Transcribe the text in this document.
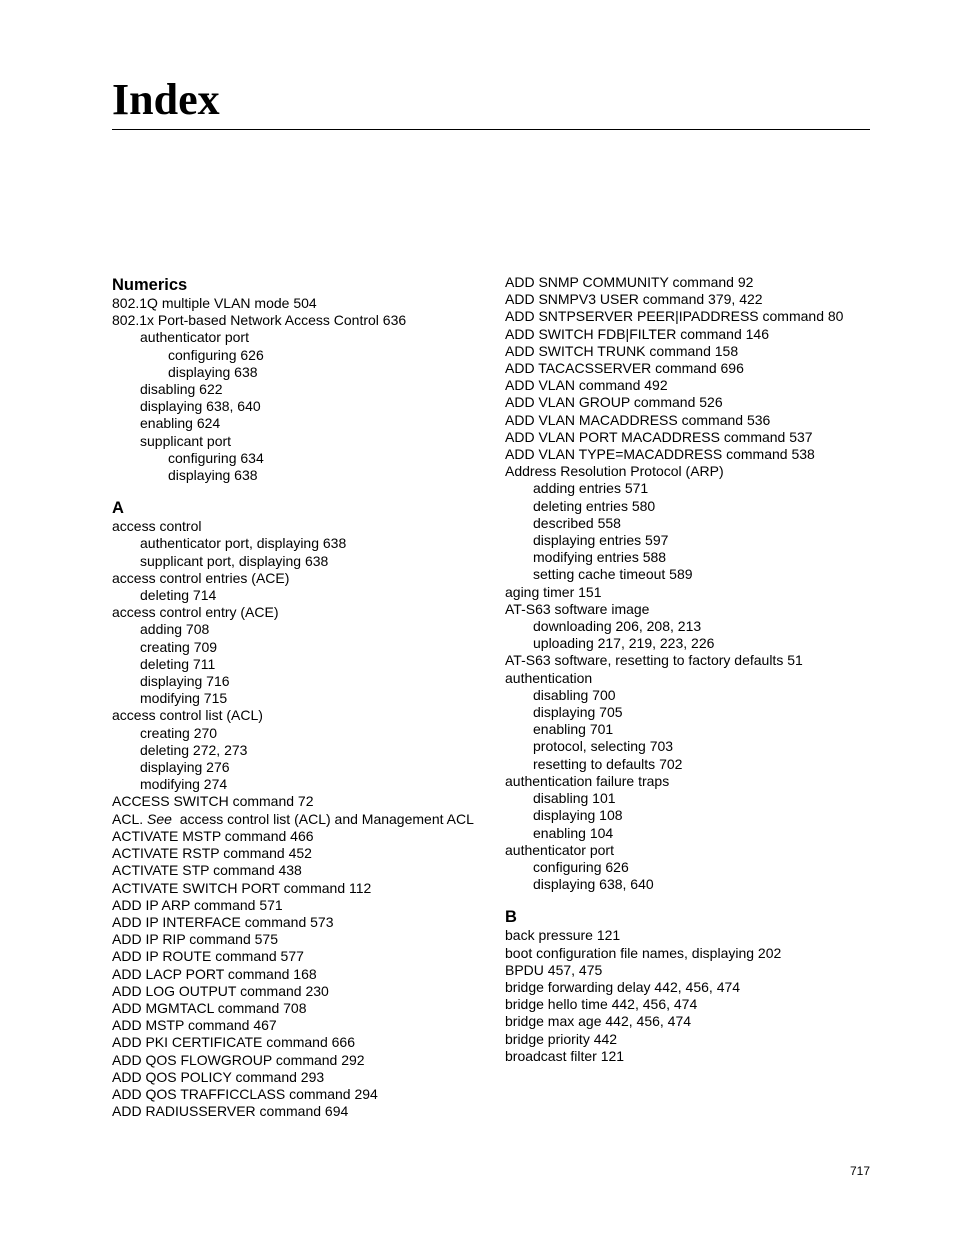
Index
Numerics
802.1Q multiple VLAN mode 504
802.1x Port-based Network Access Control 636
authenticator port
configuring 626
displaying 638
disabling 622
displaying 638, 640
enabling 624
supplicant port
configuring 634
displaying 638
A
access control
authenticator port, displaying 638
supplicant port, displaying 638
access control entries (ACE)
deleting 714
access control entry (ACE)
adding 708
creating 709
deleting 711
displaying 716
modifying 715
access control list (ACL)
creating 270
deleting 272, 273
displaying 276
modifying 274
ACCESS SWITCH command 72
ACL. See  access control list (ACL) and Management ACL
ACTIVATE MSTP command 466
ACTIVATE RSTP command 452
ACTIVATE STP command 438
ACTIVATE SWITCH PORT command 112
ADD IP ARP command 571
ADD IP INTERFACE command 573
ADD IP RIP command 575
ADD IP ROUTE command 577
ADD LACP PORT command 168
ADD LOG OUTPUT command 230
ADD MGMTACL command 708
ADD MSTP command 467
ADD PKI CERTIFICATE command 666
ADD QOS FLOWGROUP command 292
ADD QOS POLICY command 293
ADD QOS TRAFFICCLASS command 294
ADD RADIUSSERVER command 694
ADD SNMP COMMUNITY command 92
ADD SNMPV3 USER command 379, 422
ADD SNTPSERVER PEER|IPADDRESS command 80
ADD SWITCH FDB|FILTER command 146
ADD SWITCH TRUNK command 158
ADD TACACSSERVER command 696
ADD VLAN command 492
ADD VLAN GROUP command 526
ADD VLAN MACADDRESS command 536
ADD VLAN PORT MACADDRESS command 537
ADD VLAN TYPE=MACADDRESS command 538
Address Resolution Protocol (ARP)
adding entries 571
deleting entries 580
described 558
displaying entries 597
modifying entries 588
setting cache timeout 589
aging timer 151
AT-S63 software image
downloading 206, 208, 213
uploading 217, 219, 223, 226
AT-S63 software, resetting to factory defaults 51
authentication
disabling 700
displaying 705
enabling 701
protocol, selecting 703
resetting to defaults 702
authentication failure traps
disabling 101
displaying 108
enabling 104
authenticator port
configuring 626
displaying 638, 640
B
back pressure 121
boot configuration file names, displaying 202
BPDU 457, 475
bridge forwarding delay 442, 456, 474
bridge hello time 442, 456, 474
bridge max age 442, 456, 474
bridge priority 442
broadcast filter 121
717
